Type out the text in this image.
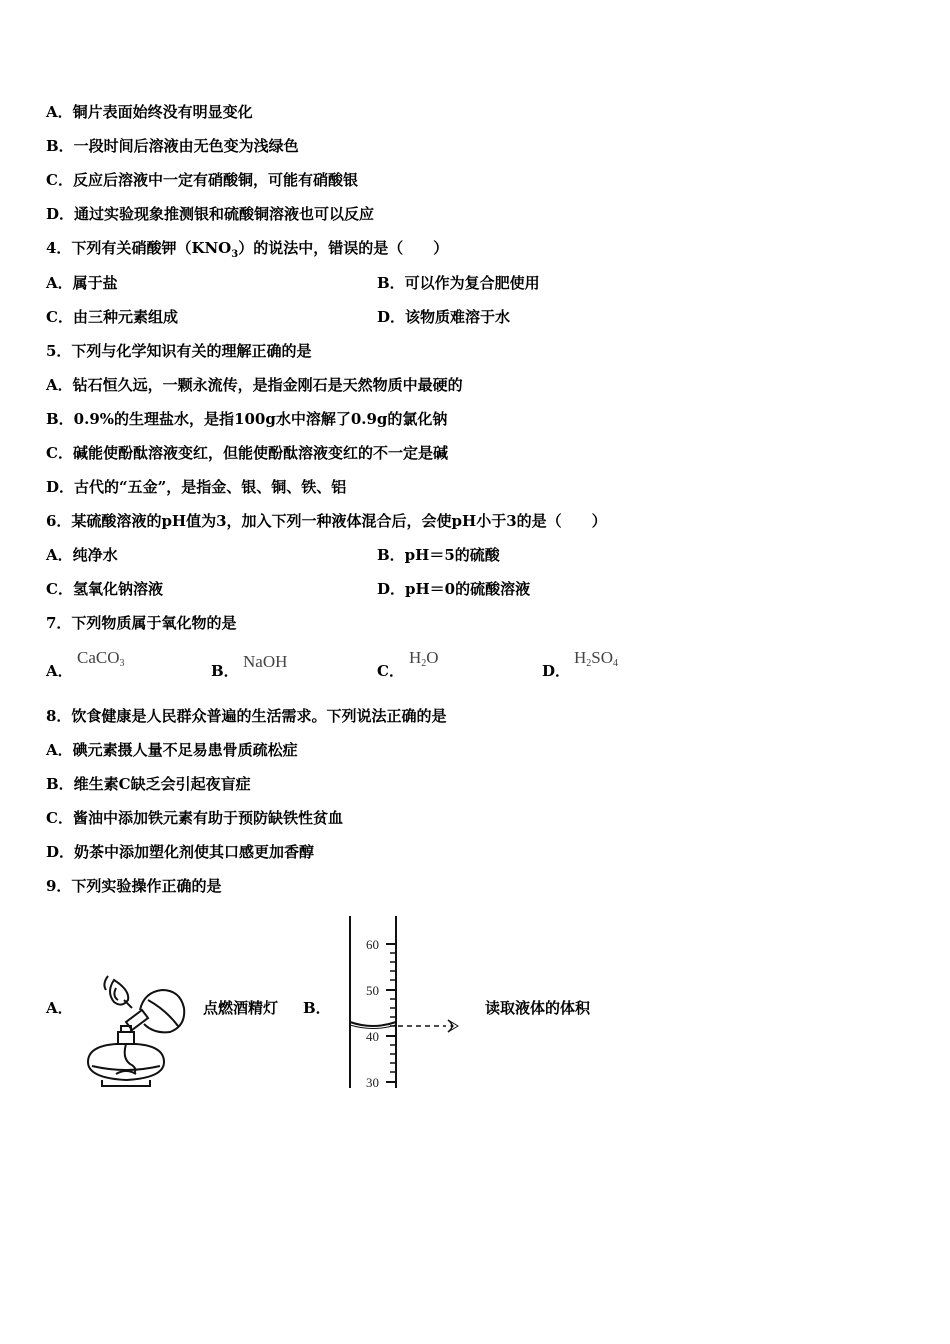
A．铜片表面始终没有明显变化
B．一段时间后溶液由无色变为浅绿色
C．反应后溶液中一定有硝酸铜，可能有硝酸银
D．通过实验现象推测银和硫酸铜溶液也可以反应
4．下列有关硝酸钾$(KNO_3)$的说法中，错误的是（　　）
A．属于盐	B．可以作为复合肥使用
C．由三种元素组成	D．该物质难溶于水
5．下列与化学知识有关的理解正确的是
A．钻石恒久远，一颗永流传，是指金刚石是天然物质中最硬的
B．0.9%的生理盐水，是指100g水中溶解了0.9g的氯化钠
C．碱能使酚酞溶液变红，但能使酚酞溶液变红的不一定是碱
D．古代的“五金”，是指金、银、铜、铁、铝
6．某硫酸溶液的pH值为3，加入下列一种液体混合后，会使pH小于3的是（　　）
A．纯净水	B．pH＝5的硫酸
C．氢氧化钠溶液	D．pH＝0的硫酸溶液
7．下列物质属于氧化物的是
A．
CaCO$_3$	B． NaOH	C．
$H_2O$
D．
$H_2SO_4$
8．饮食健康是人民群众普遍的生活需求。下列说法正确的是
A．碘元素摄人量不足易患骨质疏松症
B．维生素C缺乏会引起夜盲症
C．酱油中添加铁元素有助于预防缺铁性贫血
D．奶茶中添加塑化剂使其口感更加香醇
9．下列实验操作正确的是
A．	点燃酒精灯 B．
60
50
40
30
读取液体的体积
